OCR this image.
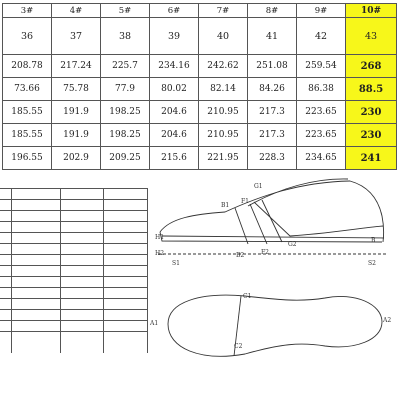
3#	4#	5#	6#	7#	8#	9#	10#
36	37	38	39	40	41	42	43
208.78	217.24	225.7	234.16	242.62	251.08	259.54	268
73.66	75.78	77.9	80.02	82.14	84.26	86.38	88.5
185.55	191.9	198.25	204.6	210.95	217.3	223.65	230
185.55	191.9	198.25	204.6	210.95	217.3	223.65	230
196.55	202.9	209.25	215.6	221.95	228.3	234.65	241
G1
B1
F1
H1
H2
S1
B2	F2
G2
B
S2
A1	A2
C1
C2
